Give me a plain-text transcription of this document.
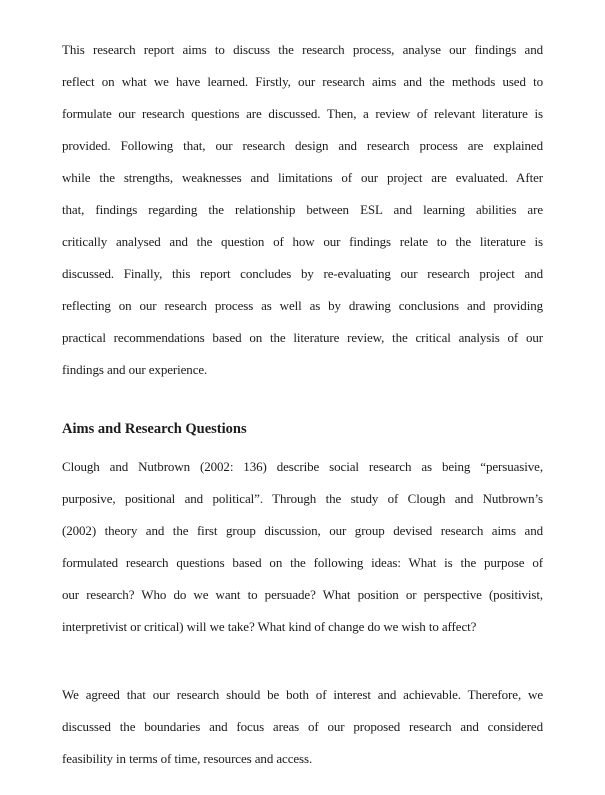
This research report aims to discuss the research process, analyse our findings and
reflect on what we have learned. Firstly, our research aims and the methods used to
formulate our research questions are discussed. Then, a review of relevant literature is
provided. Following that, our research design and research process are explained
while the strengths, weaknesses and limitations of our project are evaluated. After
that, findings regarding the relationship between ESL and learning abilities are
critically analysed and the question of how our findings relate to the literature is
discussed. Finally, this report concludes by re-evaluating our research project and
reflecting on our research process as well as by drawing conclusions and providing
practical recommendations based on the literature review, the critical analysis of our
findings and our experience.
Aims and Research Questions
Clough and Nutbrown (2002: 136) describe social research as being “persuasive,
purposive, positional and political”. Through the study of Clough and Nutbrown’s
(2002) theory and the first group discussion, our group devised research aims and
formulated research questions based on the following ideas: What is the purpose of
our research? Who do we want to persuade? What position or perspective (positivist,
interpretivist or critical) will we take? What kind of change do we wish to affect?
We agreed that our research should be both of interest and achievable. Therefore, we
discussed the boundaries and focus areas of our proposed research and considered
feasibility in terms of time, resources and access.
